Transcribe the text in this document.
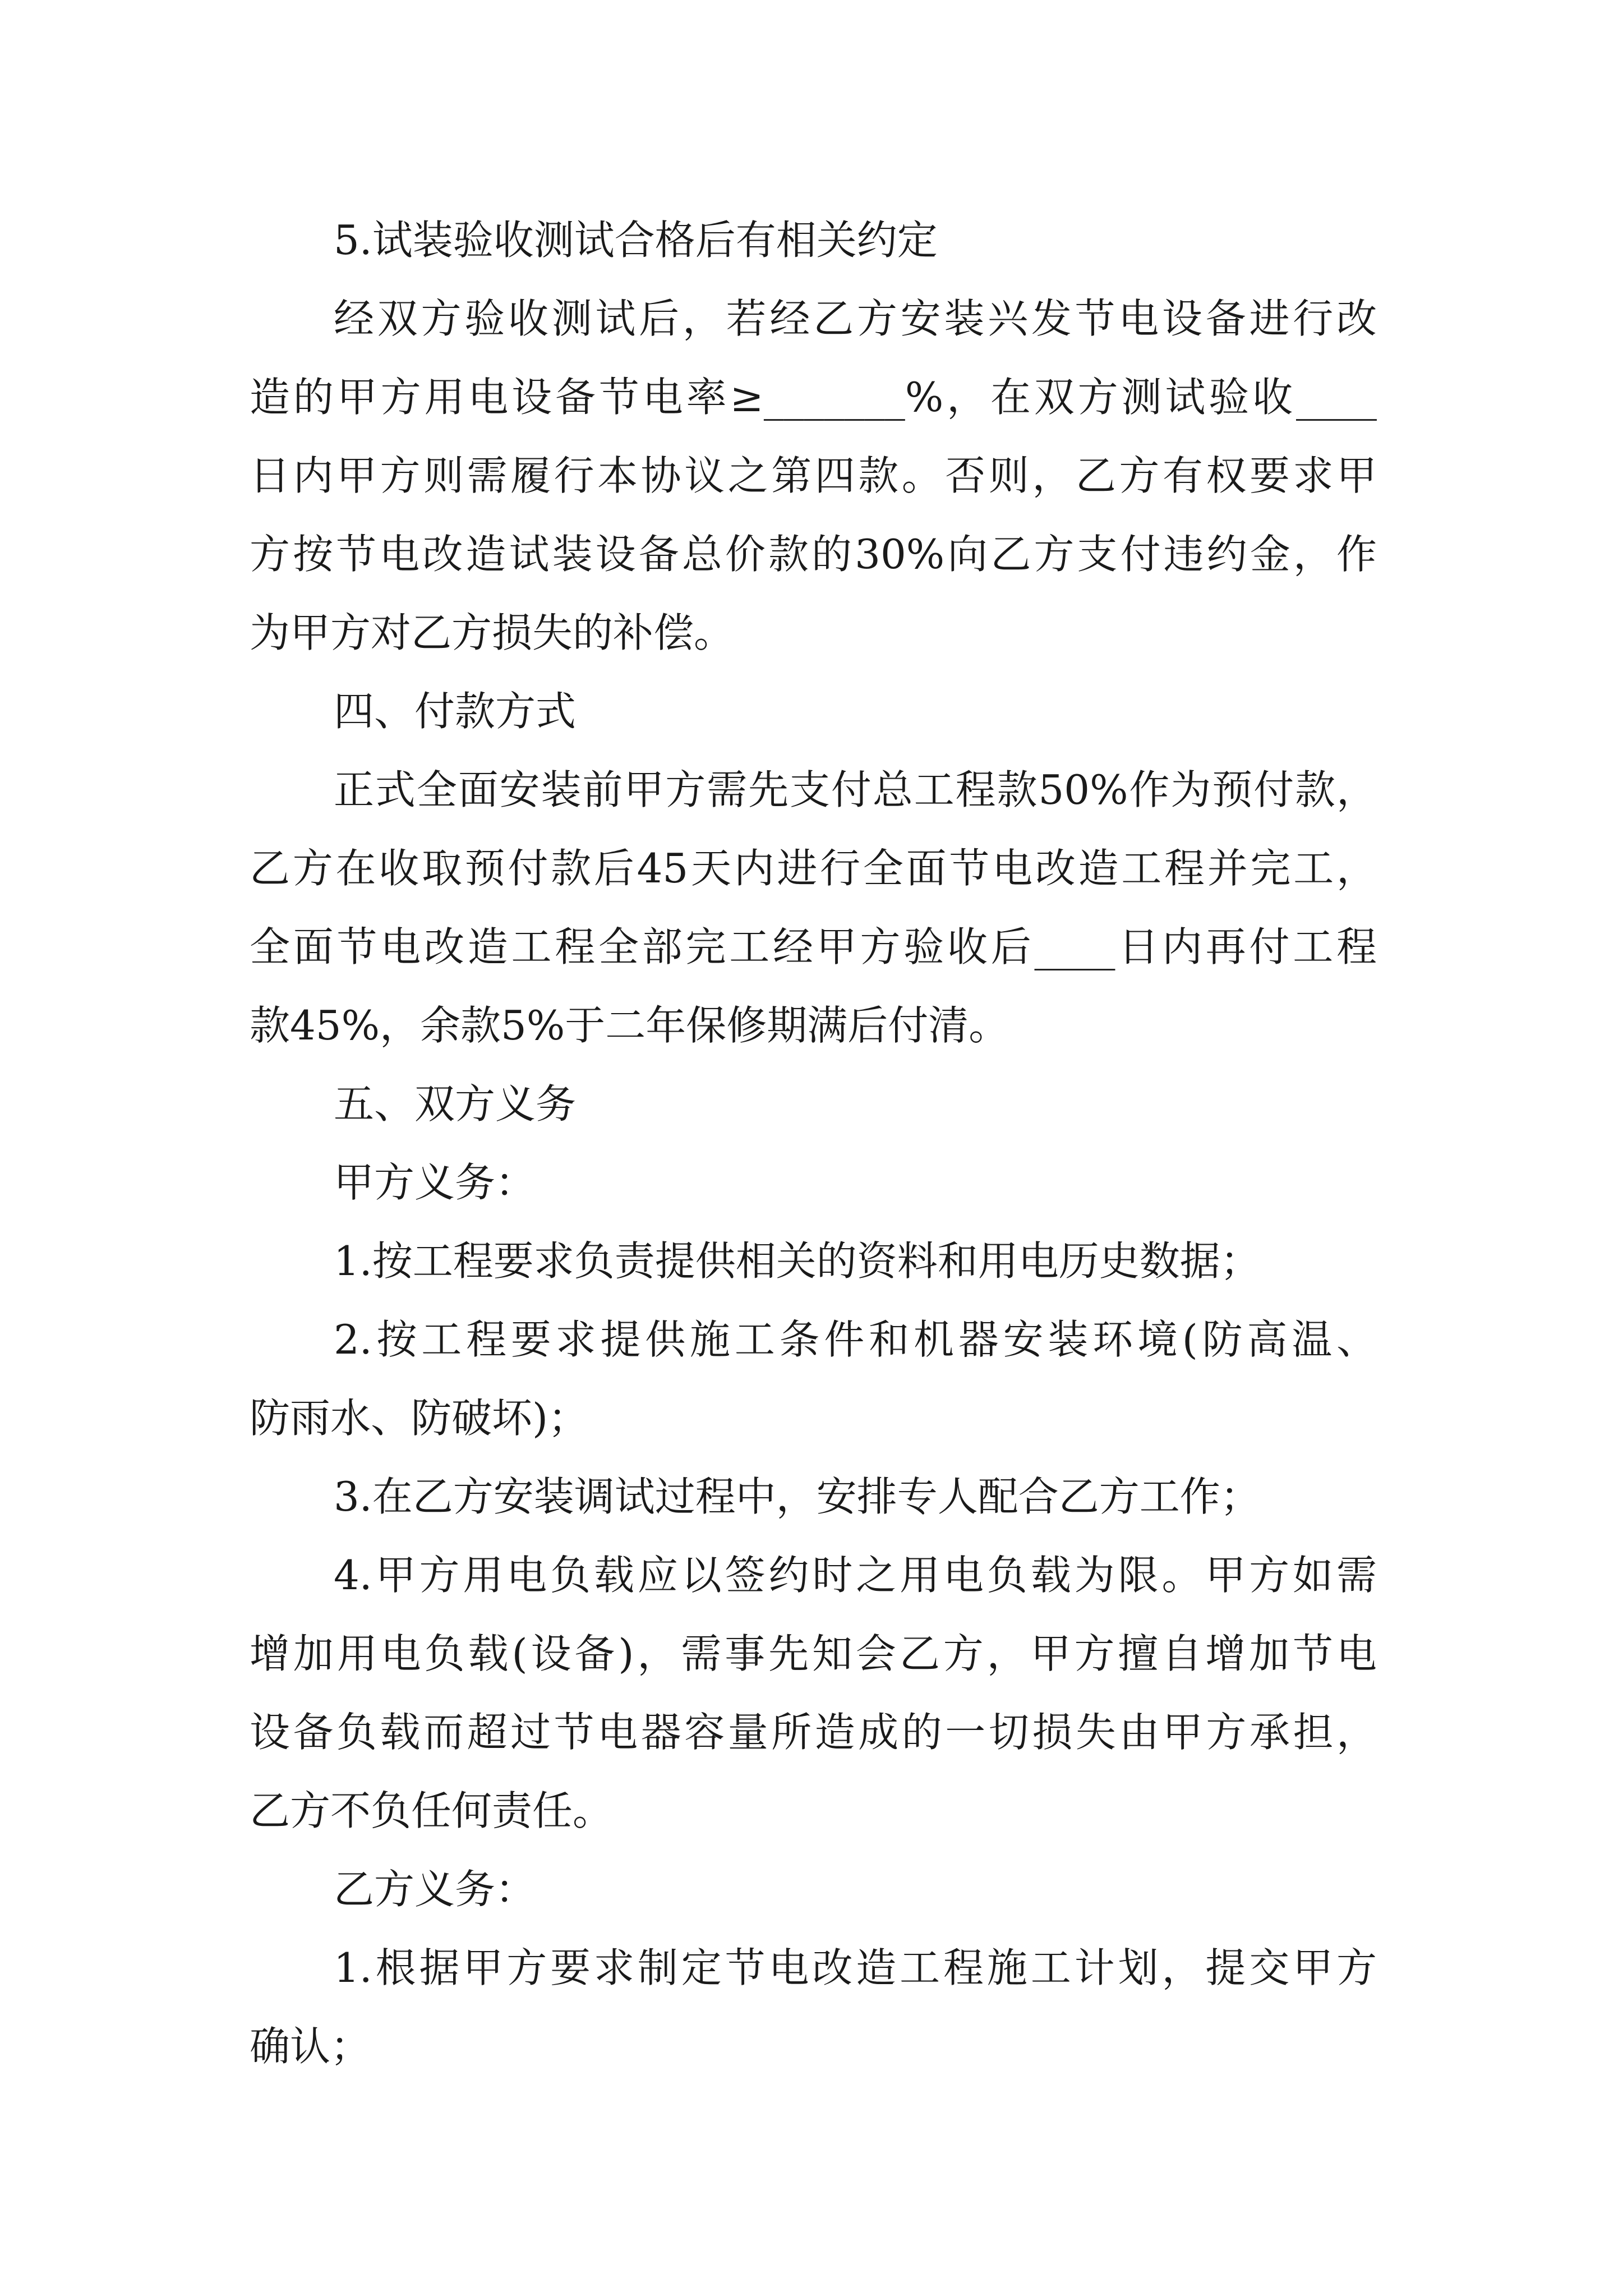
5.试装验收测试合格后有相关约定

经双方验收测试后，若经乙方安装兴发节电设备进行改

造的甲方用电设备节电率≥_______%，在双方测试验收____

日内甲方则需履行本协议之第四款。否则，乙方有权要求甲

方按节电改造试装设备总价款的30%向乙方支付违约金，作

为甲方对乙方损失的补偿。

四、付款方式

正式全面安装前甲方需先支付总工程款50%作为预付款，

乙方在收取预付款后45天内进行全面节电改造工程并完工，

全面节电改造工程全部完工经甲方验收后____日内再付工程

款45%，余款5%于二年保修期满后付清。

五、双方义务

甲方义务：

1.按工程要求负责提供相关的资料和用电历史数据；

2.按工程要求提供施工条件和机器安装环境(防高温、

防雨水、防破坏)；

3.在乙方安装调试过程中，安排专人配合乙方工作；

4.甲方用电负载应以签约时之用电负载为限。甲方如需

增加用电负载(设备)，需事先知会乙方，甲方擅自增加节电

设备负载而超过节电器容量所造成的一切损失由甲方承担，

乙方不负任何责任。

乙方义务：

1.根据甲方要求制定节电改造工程施工计划，提交甲方

确认；
